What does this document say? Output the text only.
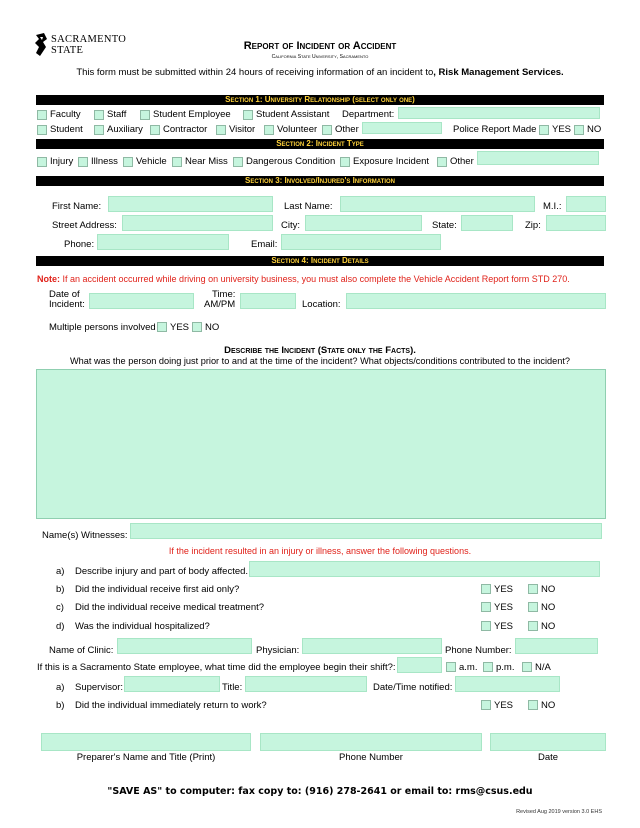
SACRAMENTO
STATE	Report of Incident or Accident
California State University, Sacramento
This form must be submitted within 24 hours of receiving information of an incident to, Risk Management Services.
Section 1: University Relationship (select only one)
Faculty	Staff	Student Employee	Student Assistant Department:
Student	Auxiliary Contractor Visitor Volunteer Other	Police Report Made YES NO
Section 2: Incident Type
Injury Illness Vehicle Near Miss Dangerous Condition Exposure Incident Other
Section 3: Involved/Injured's Information
First Name:	Last Name:	M.I.:
Street Address:	City:	State:	Zip:
Phone:	Email:
Section 4: Incident Details
Note: If an accident occurred while driving on university business, you must also complete the Vehicle Accident Report form STD 270.
Date of
Incident:
Time:
AM/PM	Location:
Multiple persons involved YES NO
Describe the Incident (State only the Facts).
What was the person doing just prior to and at the time of the incident? What objects/conditions contributed to the incident?
Name(s) Witnesses:
If the incident resulted in an injury or illness, answer the following questions.
a) Describe injury and part of body affected.
b) Did the individual receive first aid only?	YES	NO
c) Did the individual receive medical treatment?	YES	NO
d) Was the individual hospitalized?	YES	NO
Name of Clinic:	Physician:	Phone Number:
If this is a Sacramento State employee, what time did the employee begin their shift?:	a.m. p.m. N/A
a) Supervisor:	Title:	Date/Time notified:
b) Did the individual immediately return to work?	YES	NO
Preparer's Name and Title (Print)	Phone Number	Date
"SAVE AS" to computer: fax copy to: (916) 278-2641 or email to: rms@csus.edu
Revised Aug 2019 version 3.0 EHS
